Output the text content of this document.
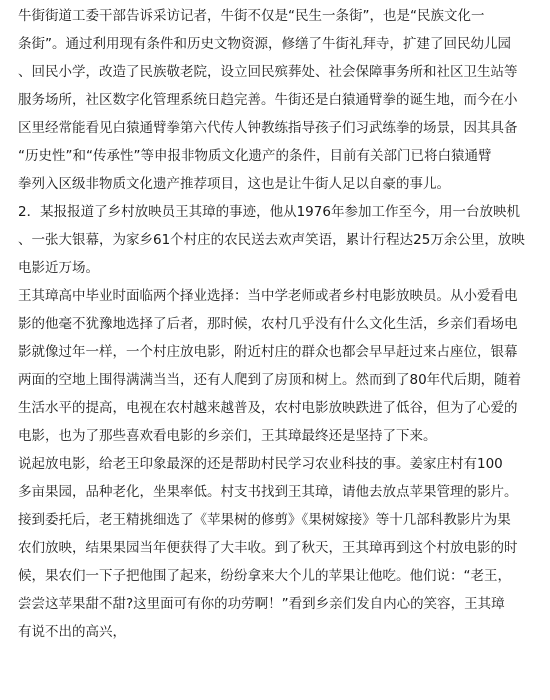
牛街街道工委干部告诉采访记者，牛街不仅是“民生一条街”，也是“民族文化一
条街”。通过利用现有条件和历史文物资源，修缮了牛街礼拜寺，扩建了回民幼儿园
、回民小学，改造了民族敬老院，设立回民殡葬处、社会保障事务所和社区卫生站等
服务场所，社区数字化管理系统日趋完善。牛街还是白猿通臂拳的诞生地，而今在小
区里经常能看见白猿通臂拳第六代传人钟教练指导孩子们习武练拳的场景，因其具备
“历史性”和“传承性”等申报非物质文化遗产的条件，目前有关部门已将白猿通臂
拳列入区级非物质文化遗产推荐项目，这也是让牛街人足以自豪的事儿。
2．某报报道了乡村放映员王其璋的事迹，他从1976年参加工作至今，用一台放映机
、一张大银幕，为家乡61个村庄的农民送去欢声笑语，累计行程达25万余公里，放映
电影近万场。
王其璋高中毕业时面临两个择业选择：当中学老师或者乡村电影放映员。从小爱看电
影的他毫不犹豫地选择了后者，那时候，农村几乎没有什么文化生活，乡亲们看场电
影就像过年一样，一个村庄放电影，附近村庄的群众也都会早早赶过来占座位，银幕
两面的空地上围得满满当当，还有人爬到了房顶和树上。然而到了80年代后期，随着
生活水平的提高，电视在农村越来越普及，农村电影放映跌进了低谷，但为了心爱的
电影，也为了那些喜欢看电影的乡亲们，王其璋最终还是坚持了下来。
说起放电影，给老王印象最深的还是帮助村民学习农业科技的事。姜家庄村有100
多亩果园，品种老化，坐果率低。村支书找到王其璋，请他去放点苹果管理的影片。
接到委托后，老王精挑细选了《苹果树的修剪》《果树嫁接》等十几部科教影片为果
农们放映，结果果园当年便获得了大丰收。到了秋天，王其璋再到这个村放电影的时
候，果农们一下子把他围了起来，纷纷拿来大个儿的苹果让他吃。他们说：“老王，
尝尝这苹果甜不甜?这里面可有你的功劳啊！”看到乡亲们发自内心的笑容，王其璋
有说不出的高兴，
